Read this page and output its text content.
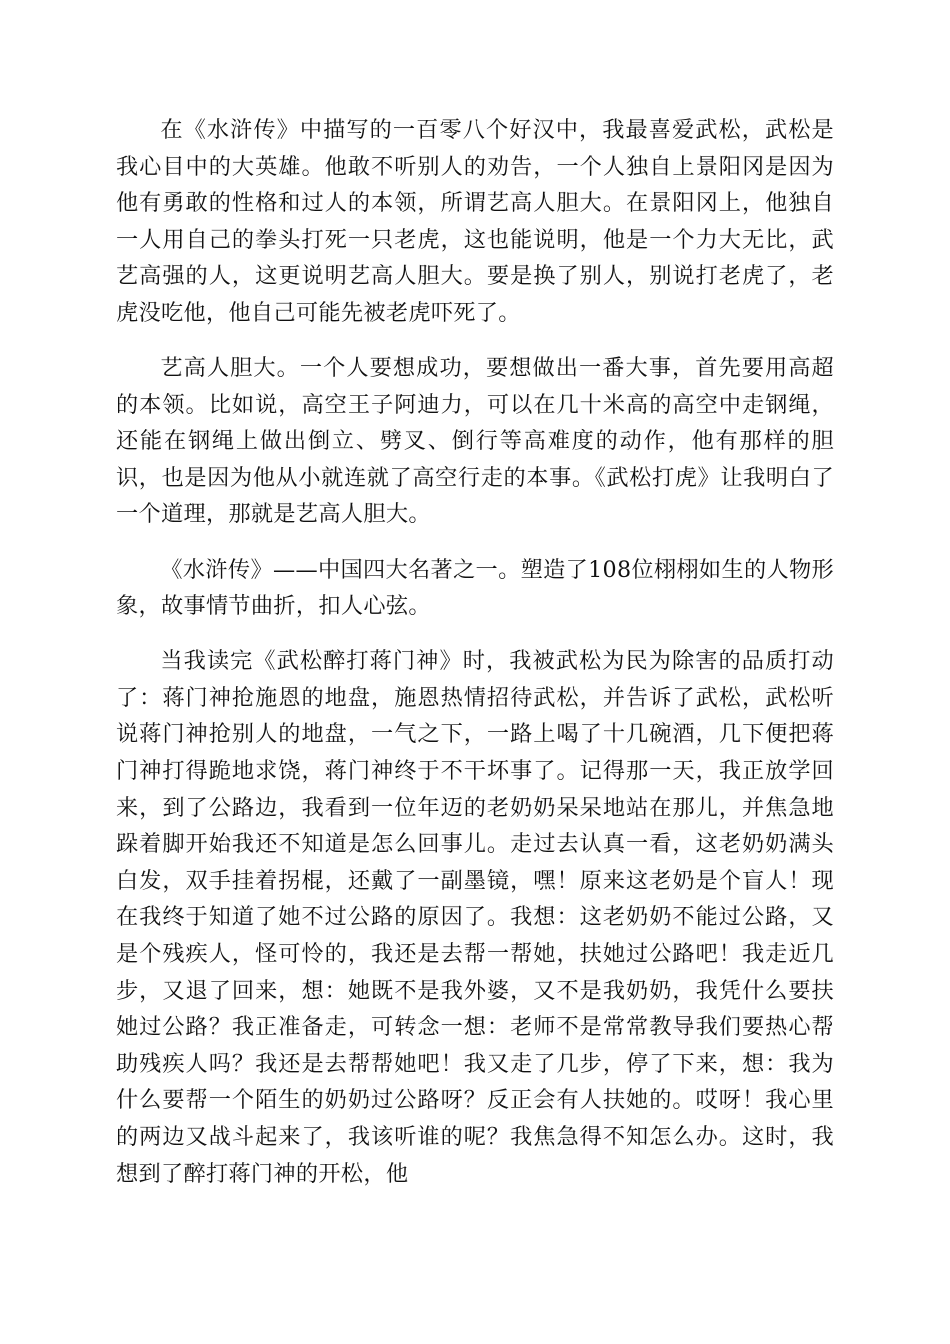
在《水浒传》中描写的一百零八个好汉中，我最喜爱武松，武松是我心目中的大英雄。他敢不听别人的劝告，一个人独自上景阳冈是因为他有勇敢的性格和过人的本领，所谓艺高人胆大。在景阳冈上，他独自一人用自己的拳头打死一只老虎，这也能说明，他是一个力大无比，武艺高强的人，这更说明艺高人胆大。要是换了别人，别说打老虎了，老虎没吃他，他自己可能先被老虎吓死了。

艺高人胆大。一个人要想成功，要想做出一番大事，首先要用高超的本领。比如说，高空王子阿迪力，可以在几十米高的高空中走钢绳，还能在钢绳上做出倒立、劈叉、倒行等高难度的动作，他有那样的胆识，也是因为他从小就连就了高空行走的本事。《武松打虎》让我明白了一个道理，那就是艺高人胆大。

《水浒传》——中国四大名著之一。塑造了108位栩栩如生的人物形象，故事情节曲折，扣人心弦。

当我读完《武松醉打蒋门神》时，我被武松为民为除害的品质打动了：蒋门神抢施恩的地盘，施恩热情招待武松，并告诉了武松，武松听说蒋门神抢别人的地盘，一气之下，一路上喝了十几碗酒，几下便把蒋门神打得跪地求饶，蒋门神终于不干坏事了。记得那一天，我正放学回来，到了公路边，我看到一位年迈的老奶奶呆呆地站在那儿，并焦急地跺着脚开始我还不知道是怎么回事儿。走过去认真一看，这老奶奶满头白发，双手挂着拐棍，还戴了一副墨镜，嘿！原来这老奶是个盲人！现在我终于知道了她不过公路的原因了。我想：这老奶奶不能过公路，又是个残疾人，怪可怜的，我还是去帮一帮她，扶她过公路吧！我走近几步，又退了回来，想：她既不是我外婆，又不是我奶奶，我凭什么要扶她过公路？我正准备走，可转念一想：老师不是常常教导我们要热心帮助残疾人吗？我还是去帮帮她吧！我又走了几步，停了下来，想：我为什么要帮一个陌生的奶奶过公路呀？反正会有人扶她的。哎呀！我心里的两边又战斗起来了，我该听谁的呢？我焦急得不知怎么办。这时，我想到了醉打蒋门神的开松，他
